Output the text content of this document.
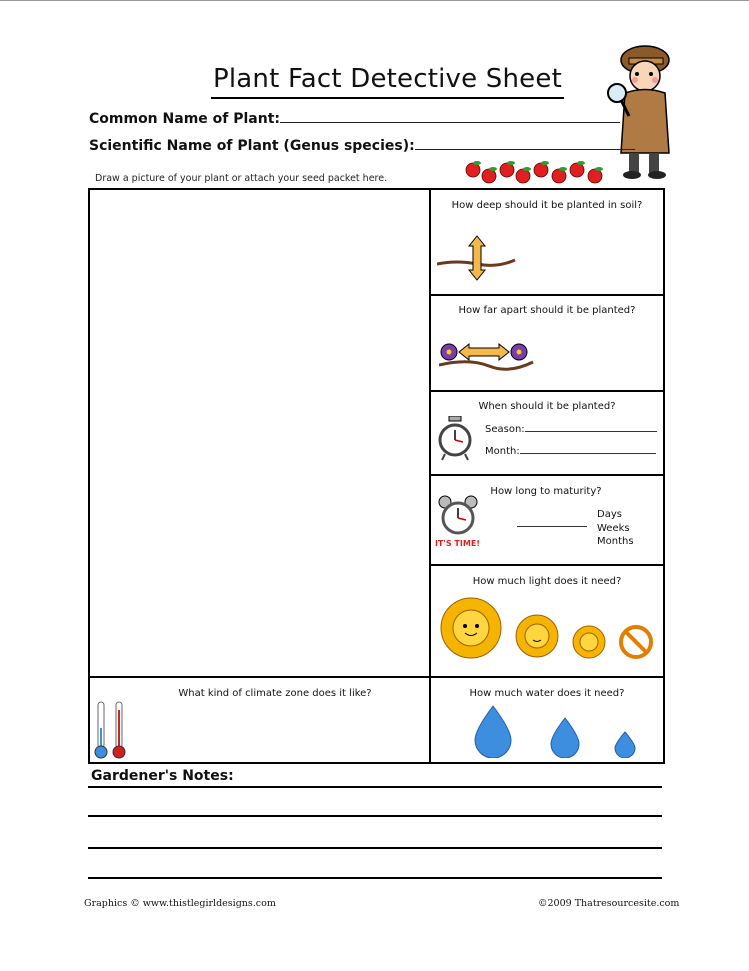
Plant Fact Detective Sheet
Common Name of Plant:
Scientific Name of Plant (Genus species):
Draw a picture of your plant or attach your seed packet here.
How deep should it be planted in soil?
How far apart should it be planted?
When should it be planted?
Season:
Month:
How long to maturity?
IT'S TIME!
Days
Weeks
Months
How much light does it need?
What kind of climate zone does it like?	How much water does it need?
Gardener's Notes:
Graphics © www.thistlegirldesigns.com	©2009 Thatresourcesite.com
